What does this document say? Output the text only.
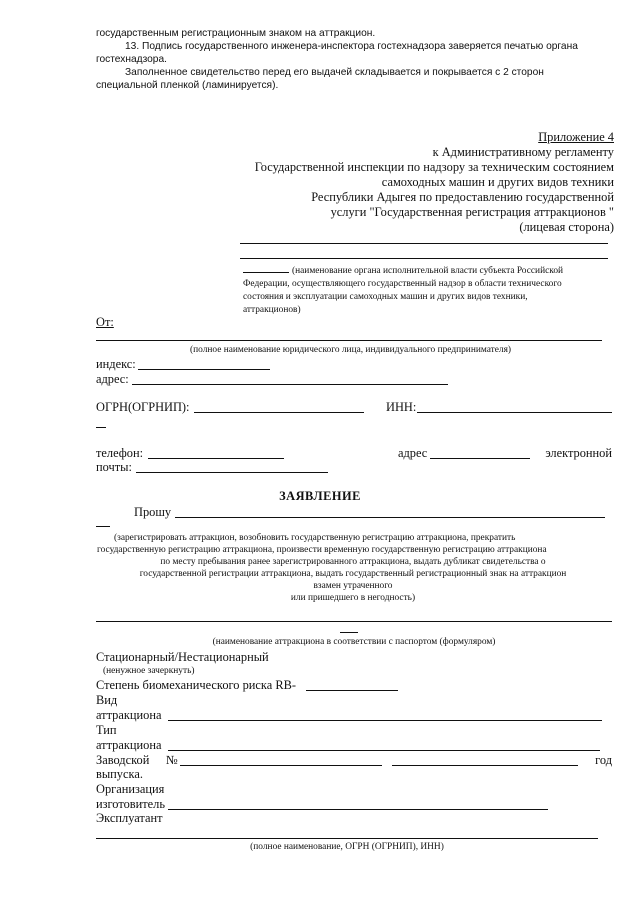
государственным регистрационным знаком на аттракцион.
13. Подпись государственного инженера-инспектора гостехнадзора заверяется печатью органа
гостехнадзора.
Заполненное свидетельство перед его выдачей складывается и покрывается с 2 сторон
специальной пленкой (ламинируется).
Приложение 4
к Административному регламенту
Государственной инспекции по надзору за техническим состоянием
самоходных машин и других видов техники
Республики Адыгея по предоставлению государственной
услуги "Государственная регистрация аттракционов "
(лицевая сторона)
(наименование органа исполнительной власти субъекта Российской
Федерации, осуществляющего государственный надзор в области технического
состояния и эксплуатации самоходных машин и других видов техники,
аттракционов)
От:
(полное наименование юридического лица, индивидуального предпринимателя)
индекс:
адрес:
ОГРН(ОГРНИП):	ИНН:
телефон:	адрес	электронной
почты:
ЗАЯВЛЕНИЕ
Прошу
(зарегистрировать аттракцион, возобновить государственную регистрацию аттракциона, прекратить
государственную регистрацию аттракциона, произвести временную государственную регистрацию аттракциона
по месту пребывания ранее зарегистрированного аттракциона, выдать дубликат свидетельства о
государственной регистрации аттракциона, выдать государственный регистрационный знак на аттракцион
взамен утраченного
или пришедшего в негодность)
(наименование аттракциона в соответствии с паспортом (формуляром)
Стационарный/Нестационарный
(ненужное зачеркнуть)
Степень биомеханического риска RB-
Вид
аттракциона
Тип
аттракциона
Заводской №	год
выпуска.
Организация
изготовитель
Эксплуатант
(полное наименование, ОГРН (ОГРНИП), ИНН)
